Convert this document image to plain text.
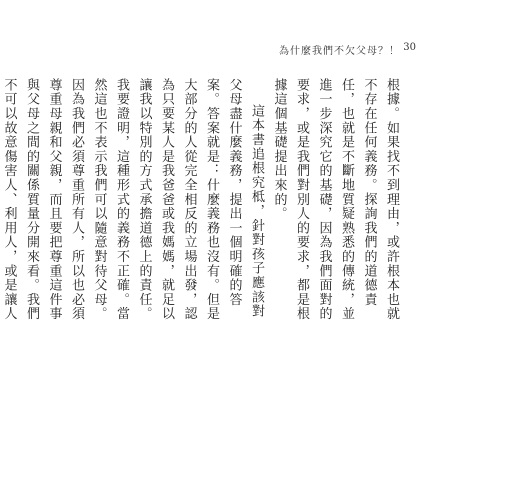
為什麼我們不欠父母？！ 30

根據。如果找不到理由，或許根本也就不存在任何義務。探詢我們的道德責任，也就是不斷地質疑熟悉的傳統，並進一步深究它的基礎，因為我們面對的要求，或是我們對別人的要求，都是根據這個基礎提出來的。

這本書追根究柢，針對孩子應該對父母盡什麼義務，提出一個明確的答案。答案就是：什麼義務也沒有。但是大部分的人從完全相反的立場出發，認為只要某人是我爸爸或我媽媽，就足以讓我以特別的方式承擔道德上的責任。我要證明，這種形式的義務不正確。當然這也不表示我們可以隨意對待父母。因為我們必須尊重所有人，所以也必須尊重母親和父親，而且要把尊重這件事與父母之間的關係質量分開來看。我們不可以故意傷害人、利用人，或是讓人
